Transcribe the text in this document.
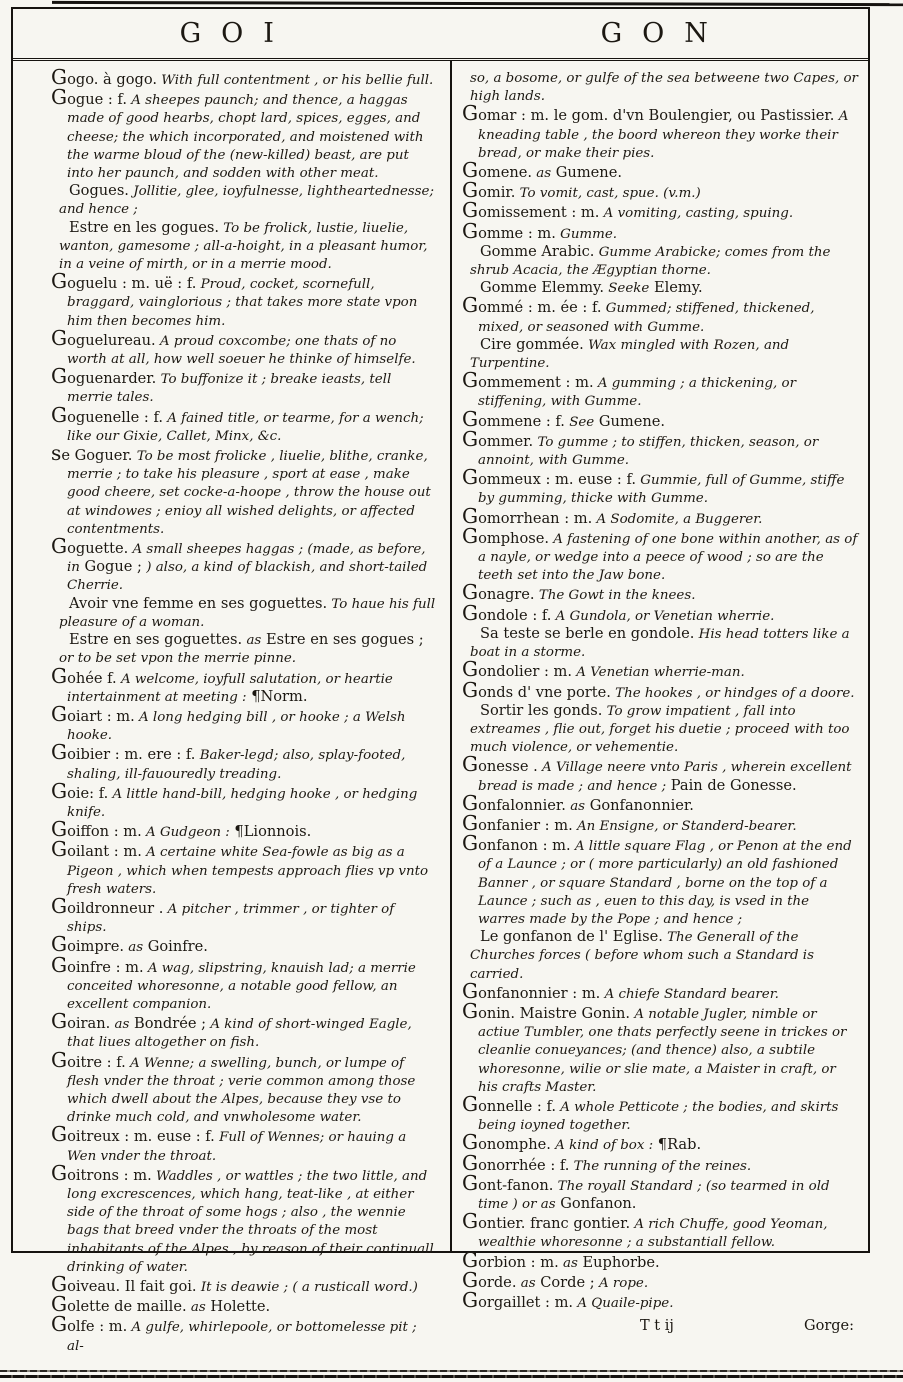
GOI	GON

Gogo. à gogo. With full contentment , or his bellie full.

Gogue : f. A sheepes paunch; and thence, a haggas made of good hearbs, chopt lard, spices, egges, and cheese; the which incorporated, and moistened with the warme bloud of the (new-killed) beast, are put into her paunch, and sodden with other meat.

Gogues. Jollitie, glee, ioyfulnesse, lightheartednesse; and hence ;

Estre en les gogues. To be frolick, lustie, liuelie, wanton, gamesome ; all-a-hoight, in a pleasant humor, in a veine of mirth, or in a merrie mood.

Goguelu : m. uë : f. Proud, cocket, scornefull, braggard, vainglorious ; that takes more state vpon him then becomes him.

Goguelureau. A proud coxcombe; one thats of no worth at all, how well soeuer he thinke of himselfe.

Goguenarder. To buffonize it ; breake ieasts, tell merrie tales.

Goguenelle : f. A fained title, or tearme, for a wench; like our Gixie, Callet, Minx, &c.

se Goguer. To be most frolicke , liuelie, blithe, cranke, merrie ; to take his pleasure , sport at ease , make good cheere, set cocke-a-hoope , throw the house out at windowes ; enioy all wished delights, or affected contentments.

Goguette. A small sheepes haggas ; (made, as before, in Gogue ; ) also, a kind of blackish, and short-tailed Cherrie.

Avoir vne femme en ses goguettes. To haue his full pleasure of a woman.

Estre en ses goguettes. as Estre en ses gogues ; or to be set vpon the merrie pinne.

Gohée f. A welcome, ioyfull salutation, or heartie intertainment at meeting : ¶Norm.

Goiart : m. A long hedging bill , or hooke ; a Welsh hooke.

Goibier : m. ere : f. Baker-legd; also, splay-footed, shaling, ill-fauouredly treading.

Goie: f. A little hand-bill, hedging hooke , or hedging knife.

Goiffon : m. A Gudgeon : ¶Lionnois.

Goilant : m. A certaine white Sea-fowle as big as a Pigeon , which when tempests approach flies vp vnto fresh waters.

Goildronneur . A pitcher , trimmer , or tighter of ships.

Goimpre. as Goinfre.

Goinfre : m. A wag, slipstring, knauish lad; a merrie conceited whoresonne, a notable good fellow, an excellent companion.

Goiran. as Bondrée ; A kind of short-winged Eagle, that liues altogether on fish.

Goitre : f. A Wenne; a swelling, bunch, or lumpe of flesh vnder the throat ; verie common among those which dwell about the Alpes, because they vse to drinke much cold, and vnwholesome water.

Goitreux : m. euse : f. Full of Wennes; or hauing a Wen vnder the throat.

Goitrons : m. Waddles , or wattles ; the two little, and long excrescences, which hang, teat-like , at either side of the throat of some hogs ; also , the wennie bags that breed vnder the throats of the most inhabitants of the Alpes , by reason of their continuall drinking of water.

Goiveau. Il fait goi. It is deawie ; ( a rusticall word.)

Golette de maille. as Holette.

Golfe : m. A gulfe, whirlepoole, or bottomelesse pit ; al-

so, a bosome, or gulfe of the sea betweene two Capes, or high lands.

Gomar : m. le gom. d'vn Boulengier, ou Pastissier. A kneading table , the boord whereon they worke their bread, or make their pies.

Gomene. as Gumene.

Gomir. To vomit, cast, spue. (v.m.)

Gomissement : m. A vomiting, casting, spuing.

Gomme : m. Gumme.

Gomme Arabic. Gumme Arabicke; comes from the shrub Acacia, the Ægyptian thorne.

Gomme Elemmy. Seeke Elemy.

Gommé : m. ée : f. Gummed; stiffened, thickened, mixed, or seasoned with Gumme.

Cire gommée. Wax mingled with Rozen, and Turpentine.

Gommement : m. A gumming ; a thickening, or stiffening, with Gumme.

Gommene : f. See Gumene.

Gommer. To gumme ; to stiffen, thicken, season, or annoint, with Gumme.

Gommeux : m. euse : f. Gummie, full of Gumme, stiffe by gumming, thicke with Gumme.

Gomorrhean : m. A Sodomite, a Buggerer.

Gomphose. A fastening of one bone within another, as of a nayle, or wedge into a peece of wood ; so are the teeth set into the Jaw bone.

Gonagre. The Gowt in the knees.

Gondole : f. A Gundola, or Venetian wherrie.

Sa teste se berle en gondole. His head totters like a boat in a storme.

Gondolier : m. A Venetian wherrie-man.

Gonds d' vne porte. The hookes , or hindges of a doore.

Sortir les gonds. To grow impatient , fall into extreames , flie out, forget his duetie ; proceed with too much violence, or vehementie.

Gonesse . A Village neere vnto Paris , wherein excellent bread is made ; and hence ; Pain de Gonesse.

Gonfalonnier. as Gonfanonnier.

Gonfanier : m. An Ensigne, or Standerd-bearer.

Gonfanon : m. A little square Flag , or Penon at the end of a Launce ; or ( more particularly) an old fashioned Banner , or square Standard , borne on the top of a Launce ; such as , euen to this day, is vsed in the warres made by the Pope ; and hence ;

Le gonfanon de l' Eglise. The Generall of the Churches forces ( before whom such a Standard is carried.

Gonfanonnier : m. A chiefe Standard bearer.

Gonin. Maistre Gonin. A notable Jugler, nimble or actiue Tumbler, one thats perfectly seene in trickes or cleanlie conueyances; (and thence) also, a subtile whoresonne, wilie or slie mate, a Maister in craft, or his crafts Master.

Gonnelle : f. A whole Petticote ; the bodies, and skirts being ioyned together.

Gonomphe. A kind of box : ¶Rab.

Gonorrhée : f. The running of the reines.

Gont-fanon. The royall Standard ; (so tearmed in old time ) or as Gonfanon.

Gontier. franc gontier. A rich Chuffe, good Yeoman, wealthie whoresonne ; a substantiall fellow.

Gorbion : m. as Euphorbe.

Gorde. as Corde ; A rope.

Gorgaillet : m. A Quaile-pipe.

T t ij	Gorge:
